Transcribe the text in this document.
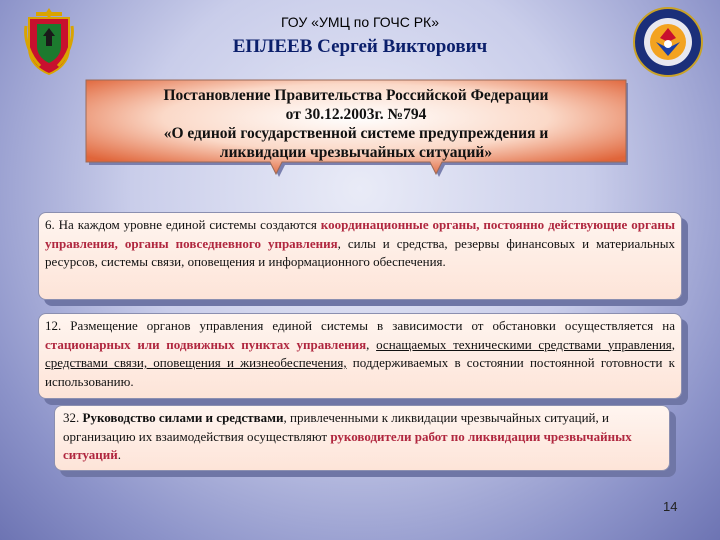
ГОУ «УМЦ по ГОЧС РК»
ЕПЛЕЕВ Сергей Викторович
Постановление Правительства Российской Федерации
от 30.12.2003г. №794
«О единой государственной системе предупреждения и
ликвидации чрезвычайных ситуаций»

6. На каждом уровне единой системы создаются координационные органы, постоянно действующие органы управления, органы повседневного управления, силы и средства, резервы финансовых и материальных ресурсов, системы связи, оповещения и информационного обеспечения.

12. Размещение органов управления единой системы в зависимости от обстановки осуществляется на стационарных или подвижных пунктах управления, оснащаемых техническими средствами управления, средствами связи, оповещения и жизнеобеспечения, поддерживаемых в состоянии постоянной готовности к использованию.

32. Руководство силами и средствами, привлеченными к ликвидации чрезвычайных ситуаций, и организацию их взаимодействия осуществляют руководители работ по ликвидации чрезвычайных ситуаций.

14
